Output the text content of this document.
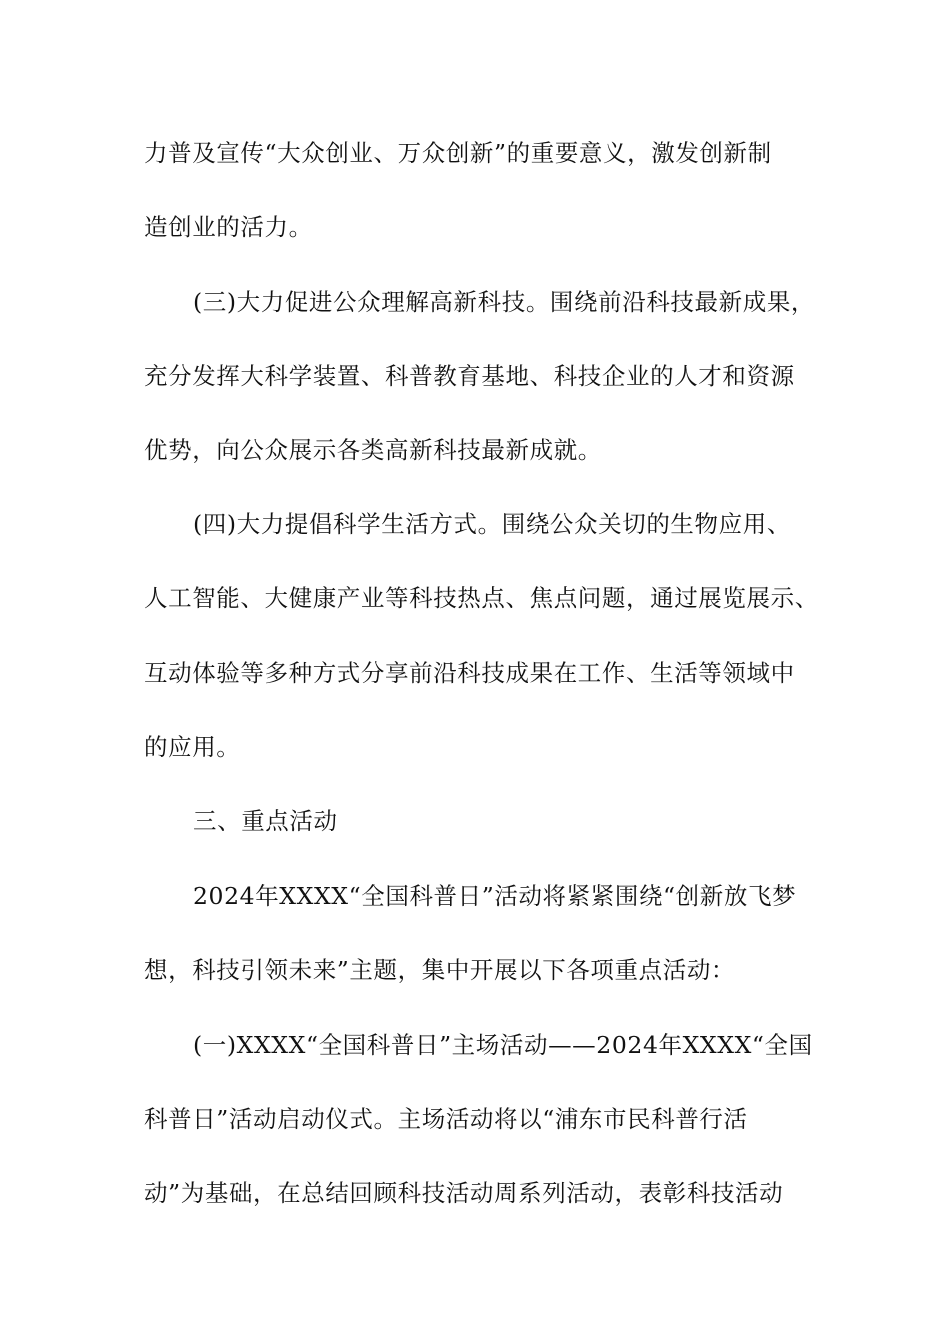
力普及宣传“大众创业、万众创新”的重要意义，激发创新制
造创业的活力。
(三)大力促进公众理解高新科技。围绕前沿科技最新成果，
充分发挥大科学装置、科普教育基地、科技企业的人才和资源
优势，向公众展示各类高新科技最新成就。
(四)大力提倡科学生活方式。围绕公众关切的生物应用、
人工智能、大健康产业等科技热点、焦点问题，通过展览展示、
互动体验等多种方式分享前沿科技成果在工作、生活等领域中
的应用。
三、重点活动
2024年XXXX“全国科普日”活动将紧紧围绕“创新放飞梦
想，科技引领未来”主题，集中开展以下各项重点活动：
(一)XXXX“全国科普日”主场活动——2024年XXXX“全国
科普日”活动启动仪式。主场活动将以“浦东市民科普行活
动”为基础，在总结回顾科技活动周系列活动，表彰科技活动
